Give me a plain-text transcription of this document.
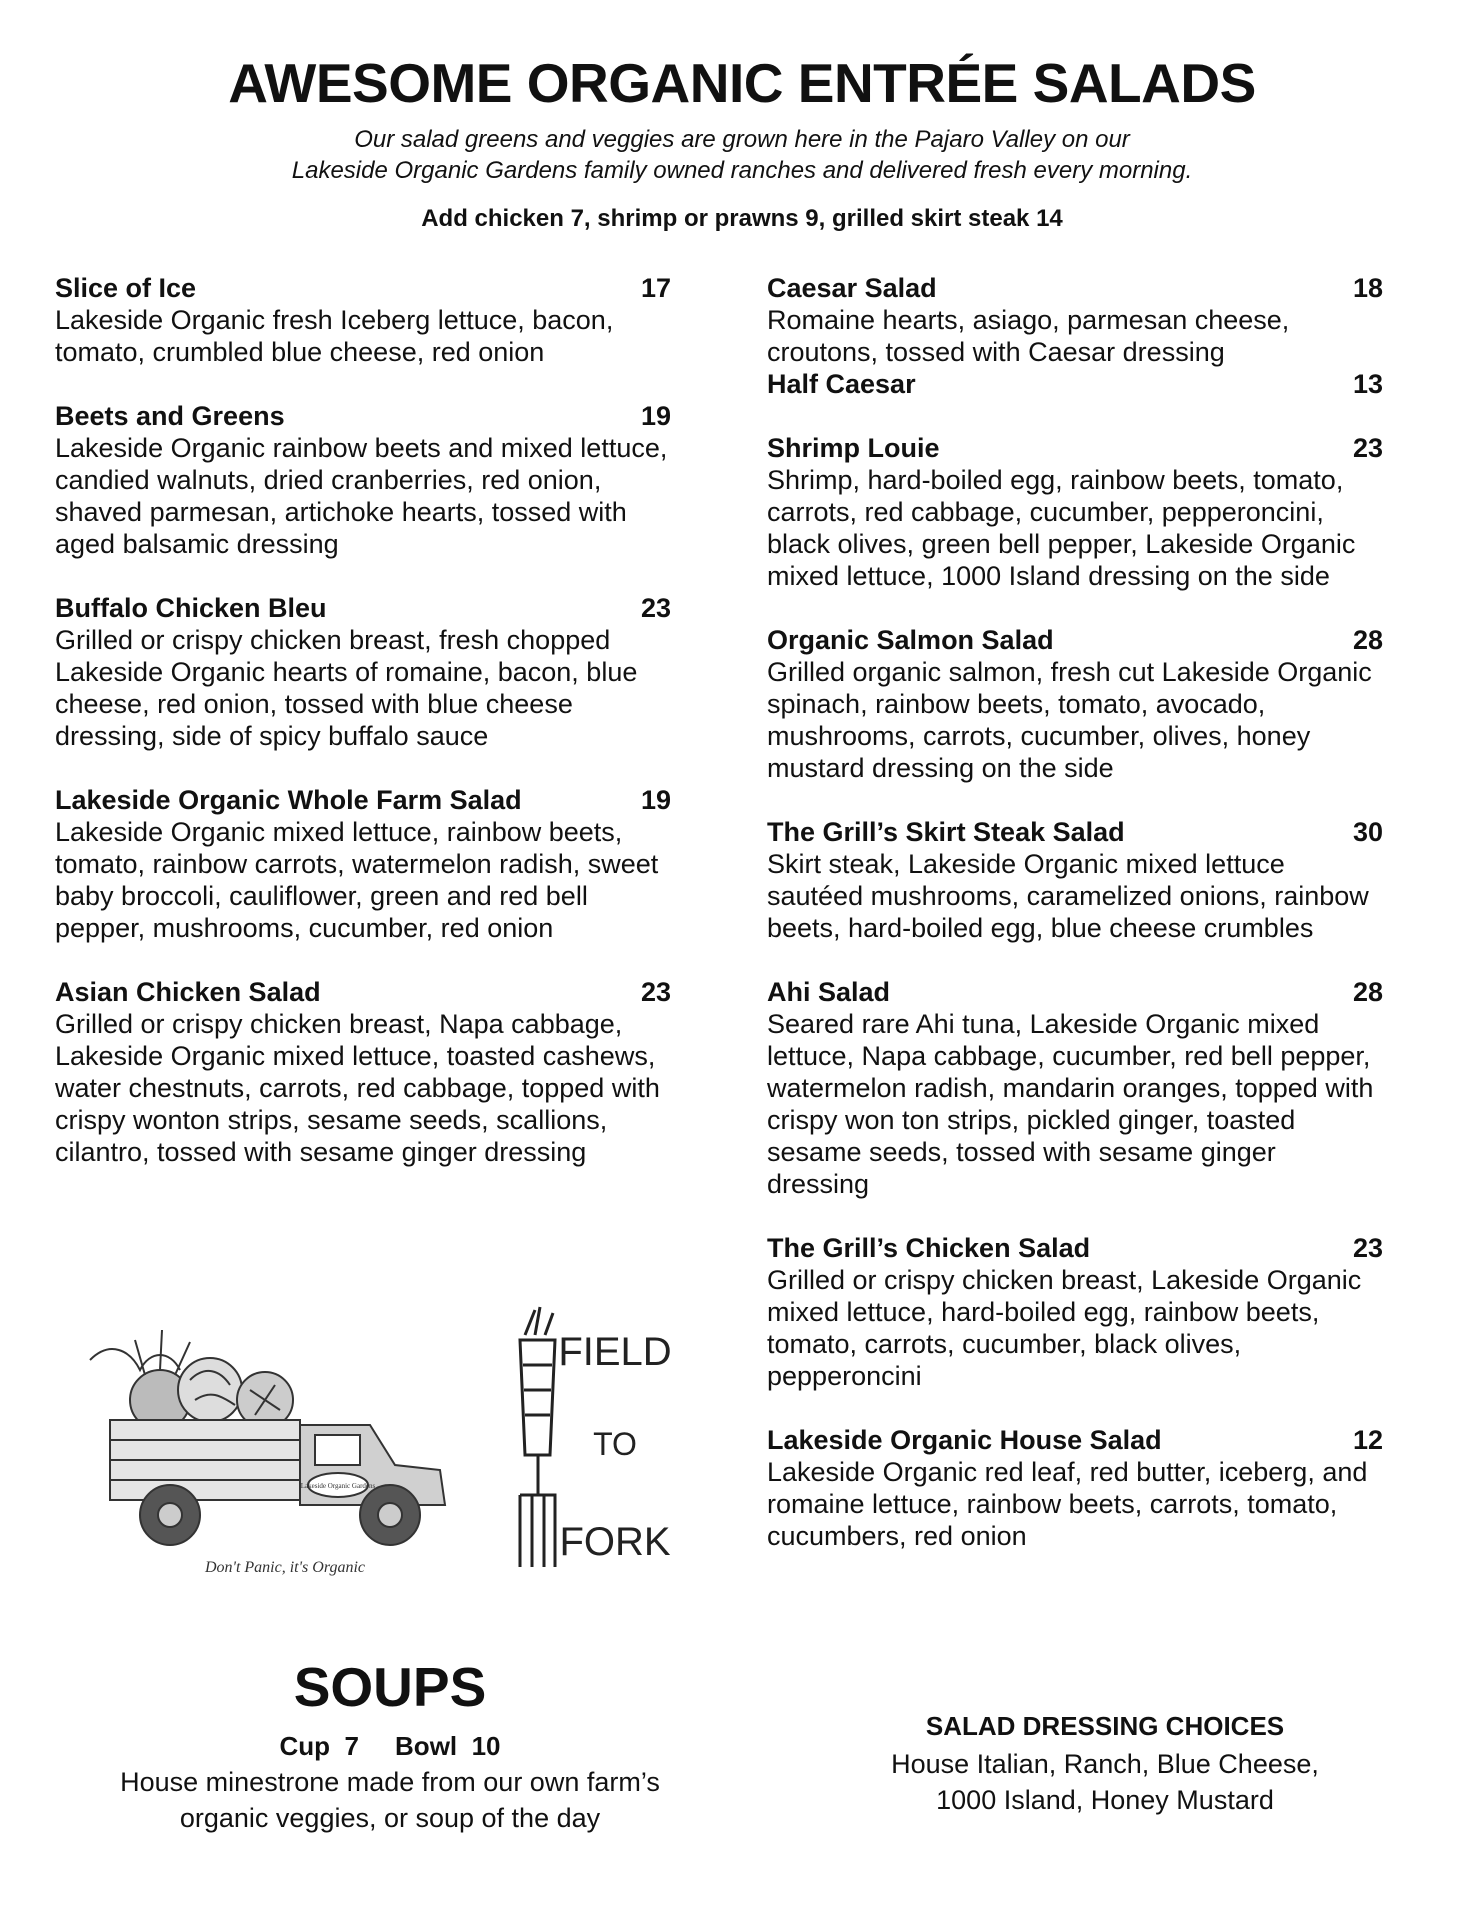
AWESOME ORGANIC ENTRÉE SALADS
Our salad greens and veggies are grown here in the Pajaro Valley on our
Lakeside Organic Gardens family owned ranches and delivered fresh every morning.
Add chicken 7, shrimp or prawns 9, grilled skirt steak 14
Slice of Ice	17
Lakeside Organic fresh Iceberg lettuce, bacon,
tomato, crumbled blue cheese, red onion
Beets and Greens	19
Lakeside Organic rainbow beets and mixed lettuce,
candied walnuts, dried cranberries, red onion,
shaved parmesan, artichoke hearts, tossed with
aged balsamic dressing
Buffalo Chicken Bleu	23
Grilled or crispy chicken breast, fresh chopped
Lakeside Organic hearts of romaine, bacon, blue
cheese, red onion, tossed with blue cheese
dressing, side of spicy buffalo sauce
Lakeside Organic Whole Farm Salad	19
Lakeside Organic mixed lettuce, rainbow beets,
tomato, rainbow carrots, watermelon radish, sweet
baby broccoli, cauliflower, green and red bell
pepper, mushrooms, cucumber, red onion
Asian Chicken Salad	23
Grilled or crispy chicken breast, Napa cabbage,
Lakeside Organic mixed lettuce, toasted cashews,
water chestnuts, carrots, red cabbage, topped with
crispy wonton strips, sesame seeds, scallions,
cilantro, tossed with sesame ginger dressing
Caesar Salad	18
Romaine hearts, asiago, parmesan cheese,
croutons, tossed with Caesar dressing
Half Caesar	13
Shrimp Louie	23
Shrimp, hard-boiled egg, rainbow beets, tomato,
carrots, red cabbage, cucumber, pepperoncini,
black olives, green bell pepper, Lakeside Organic
mixed lettuce, 1000 Island dressing on the side
Organic Salmon Salad	28
Grilled organic salmon, fresh cut Lakeside Organic
spinach, rainbow beets, tomato, avocado,
mushrooms, carrots, cucumber, olives, honey
mustard dressing on the side
The Grill’s Skirt Steak Salad	30
Skirt steak, Lakeside Organic mixed lettuce
sautéed mushrooms, caramelized onions, rainbow
beets, hard-boiled egg, blue cheese crumbles
Ahi Salad	28
Seared rare Ahi tuna, Lakeside Organic mixed
lettuce, Napa cabbage, cucumber, red bell pepper,
watermelon radish, mandarin oranges, topped with
crispy won ton strips, pickled ginger, toasted
sesame seeds, tossed with sesame ginger
dressing
The Grill’s Chicken Salad	23
Grilled or crispy chicken breast, Lakeside Organic
mixed lettuce, hard-boiled egg, rainbow beets,
tomato, carrots, cucumber, black olives,
pepperoncini
Lakeside Organic House Salad	12
Lakeside Organic red leaf, red butter, iceberg, and
romaine lettuce, rainbow beets, carrots, tomato,
cucumbers, red onion
Lakeside Organic Gardens
Don't Panic, it's Organic
FIELD
TO
FORK
SOUPS
Cup  7     Bowl  10
House minestrone made from our own farm’s
organic veggies, or soup of the day
SALAD DRESSING CHOICES
House Italian, Ranch, Blue Cheese,
1000 Island, Honey Mustard
